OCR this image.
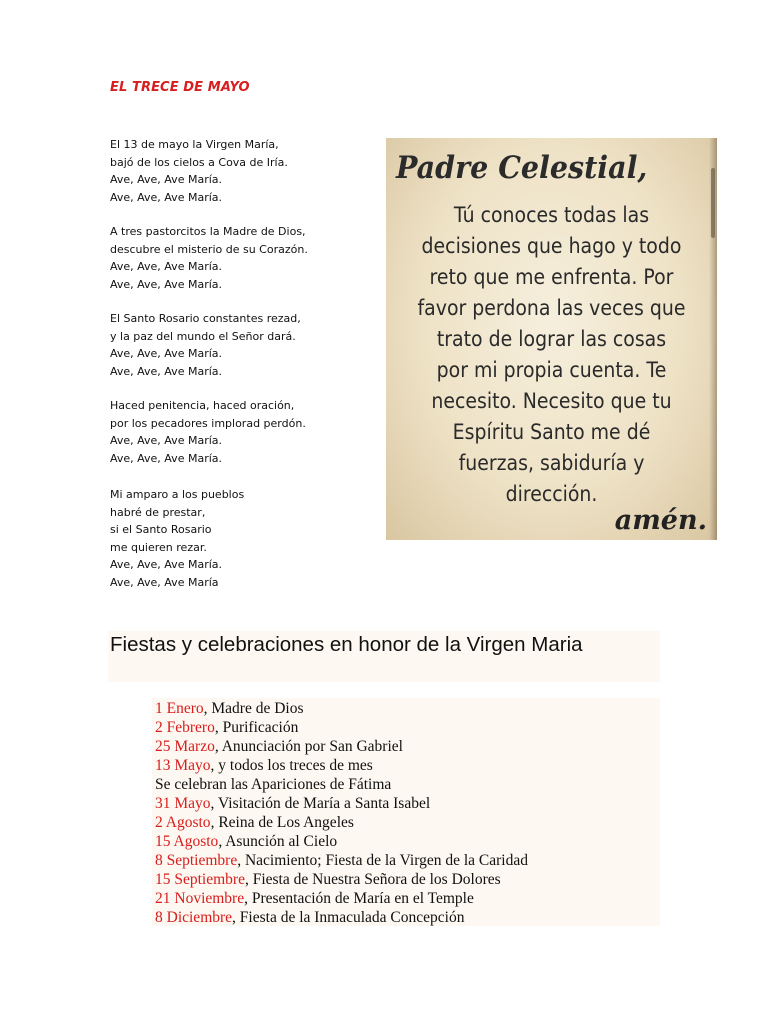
EL TRECE DE MAYO
El 13 de mayo la Virgen María,
bajó de los cielos a Cova de Iría.
Ave, Ave, Ave María.
Ave, Ave, Ave María.
A tres pastorcitos la Madre de Dios,
descubre el misterio de su Corazón.
Ave, Ave, Ave María.
Ave, Ave, Ave María.
El Santo Rosario constantes rezad,
y la paz del mundo el Señor dará.
Ave, Ave, Ave María.
Ave, Ave, Ave María.
Haced penitencia, haced oración,
por los pecadores implorad perdón.
Ave, Ave, Ave María.
Ave, Ave, Ave María.
Mi amparo a los pueblos
habré de prestar,
si el Santo Rosario
me quieren rezar.
Ave, Ave, Ave María.
Ave, Ave, Ave María
Padre Celestial,
Tú conoces todas las
decisiones que hago y todo
reto que me enfrenta. Por
favor perdona las veces que
trato de lograr las cosas
por mi propia cuenta. Te
necesito. Necesito que tu
Espíritu Santo me dé
fuerzas, sabiduría y
dirección.
amén.
Fiestas y celebraciones en honor de la Virgen Maria
1 Enero, Madre de Dios
2 Febrero, Purificación
25 Marzo, Anunciación por San Gabriel
13 Mayo, y todos los treces de mes
Se celebran las Apariciones de Fátima
31 Mayo, Visitación de María a Santa Isabel
2 Agosto, Reina de Los Angeles
15 Agosto, Asunción al Cielo
8 Septiembre, Nacimiento; Fiesta de la Virgen de la Caridad
15 Septiembre, Fiesta de Nuestra Señora de los Dolores
21 Noviembre, Presentación de María en el Temple
8 Diciembre, Fiesta de la Inmaculada Concepción
